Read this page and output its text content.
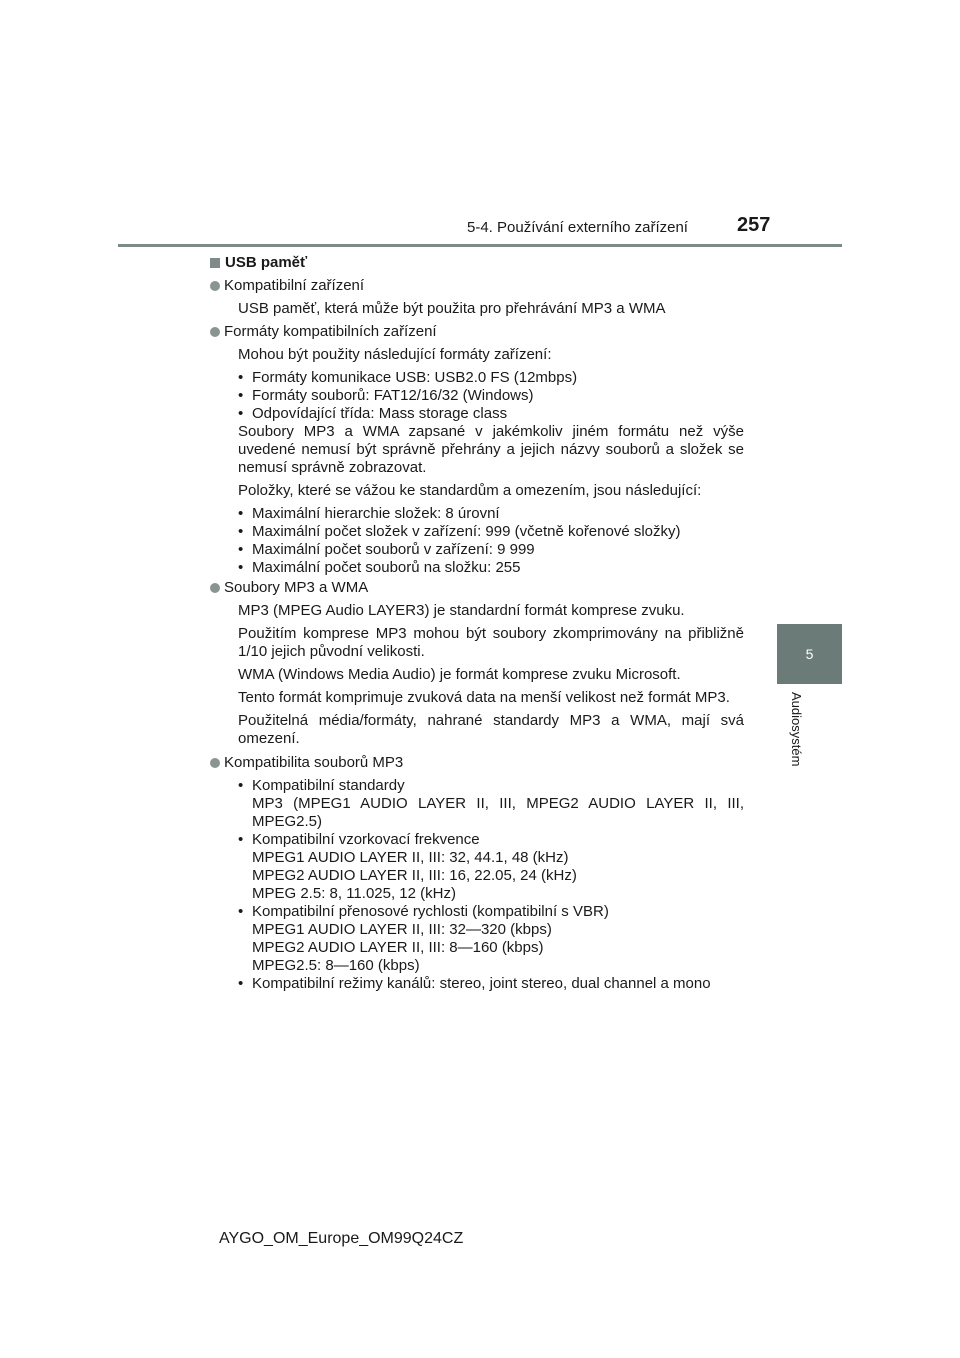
5-4. Používání externího zařízení 257
5
Audiosystém
USB paměť
Kompatibilní zařízení
USB paměť, která může být použita pro přehrávání MP3 a WMA
Formáty kompatibilních zařízení
Mohou být použity následující formáty zařízení:
• Formáty komunikace USB: USB2.0 FS (12mbps)
• Formáty souborů: FAT12/16/32 (Windows)
• Odpovídající třída: Mass storage class
Soubory MP3 a WMA zapsané v jakémkoliv jiném formátu než výše uvedené nemusí být správně přehrány a jejich názvy souborů a složek se nemusí správně zobrazovat.
Položky, které se vážou ke standardům a omezením, jsou následující:
• Maximální hierarchie složek: 8 úrovní
• Maximální počet složek v zařízení: 999 (včetně kořenové složky)
• Maximální počet souborů v zařízení: 9 999
• Maximální počet souborů na složku: 255
Soubory MP3 a WMA
MP3 (MPEG Audio LAYER3) je standardní formát komprese zvuku.
Použitím komprese MP3 mohou být soubory zkomprimovány na přibližně 1/10 jejich původní velikosti.
WMA (Windows Media Audio) je formát komprese zvuku Microsoft.
Tento formát komprimuje zvuková data na menší velikost než formát MP3.
Použitelná média/formáty, nahrané standardy MP3 a WMA, mají svá omezení.
Kompatibilita souborů MP3
• Kompatibilní standardy
MP3 (MPEG1 AUDIO LAYER II, III, MPEG2 AUDIO LAYER II, III, MPEG2.5)
• Kompatibilní vzorkovací frekvence
MPEG1 AUDIO LAYER II, III: 32, 44.1, 48 (kHz)
MPEG2 AUDIO LAYER II, III: 16, 22.05, 24 (kHz)
MPEG 2.5: 8, 11.025, 12 (kHz)
• Kompatibilní přenosové rychlosti (kompatibilní s VBR)
MPEG1 AUDIO LAYER II, III: 32—320 (kbps)
MPEG2 AUDIO LAYER II, III: 8—160 (kbps)
MPEG2.5: 8—160 (kbps)
• Kompatibilní režimy kanálů: stereo, joint stereo, dual channel a mono
AYGO_OM_Europe_OM99Q24CZ
